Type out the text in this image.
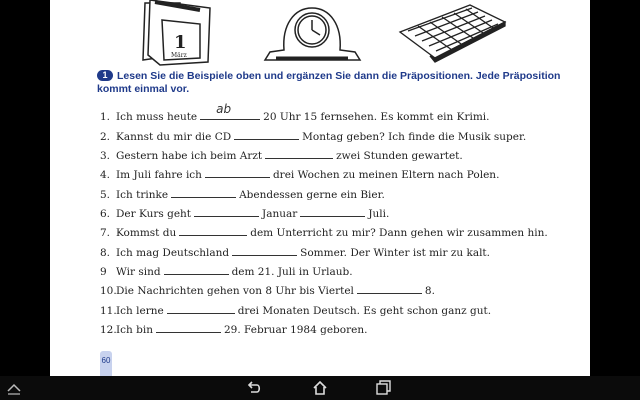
1
März
1 Lesen Sie die Beispiele oben und ergänzen Sie dann die Präpositionen. Jede Präposition kommt einmal vor.
1. Ich muss heute
ab
20 Uhr 15 fernsehen. Es kommt ein Krimi.
2. Kannst du mir die CD	Montag geben? Ich finde die Musik super.
3. Gestern habe ich beim Arzt	zwei Stunden gewartet.
4. Im Juli fahre ich	drei Wochen zu meinen Eltern nach Polen.
5. Ich trinke	Abendessen gerne ein Bier.
6. Der Kurs geht	Januar	Juli.
7. Kommst du	dem Unterricht zu mir? Dann gehen wir zusammen hin.
8. Ich mag Deutschland	Sommer. Der Winter ist mir zu kalt.
9 Wir sind	dem 21. Juli in Urlaub.
10.Die Nachrichten gehen von 8 Uhr bis Viertel	8.
11.Ich lerne	drei Monaten Deutsch. Es geht schon ganz gut.
12.Ich bin	29. Februar 1984 geboren.
60
